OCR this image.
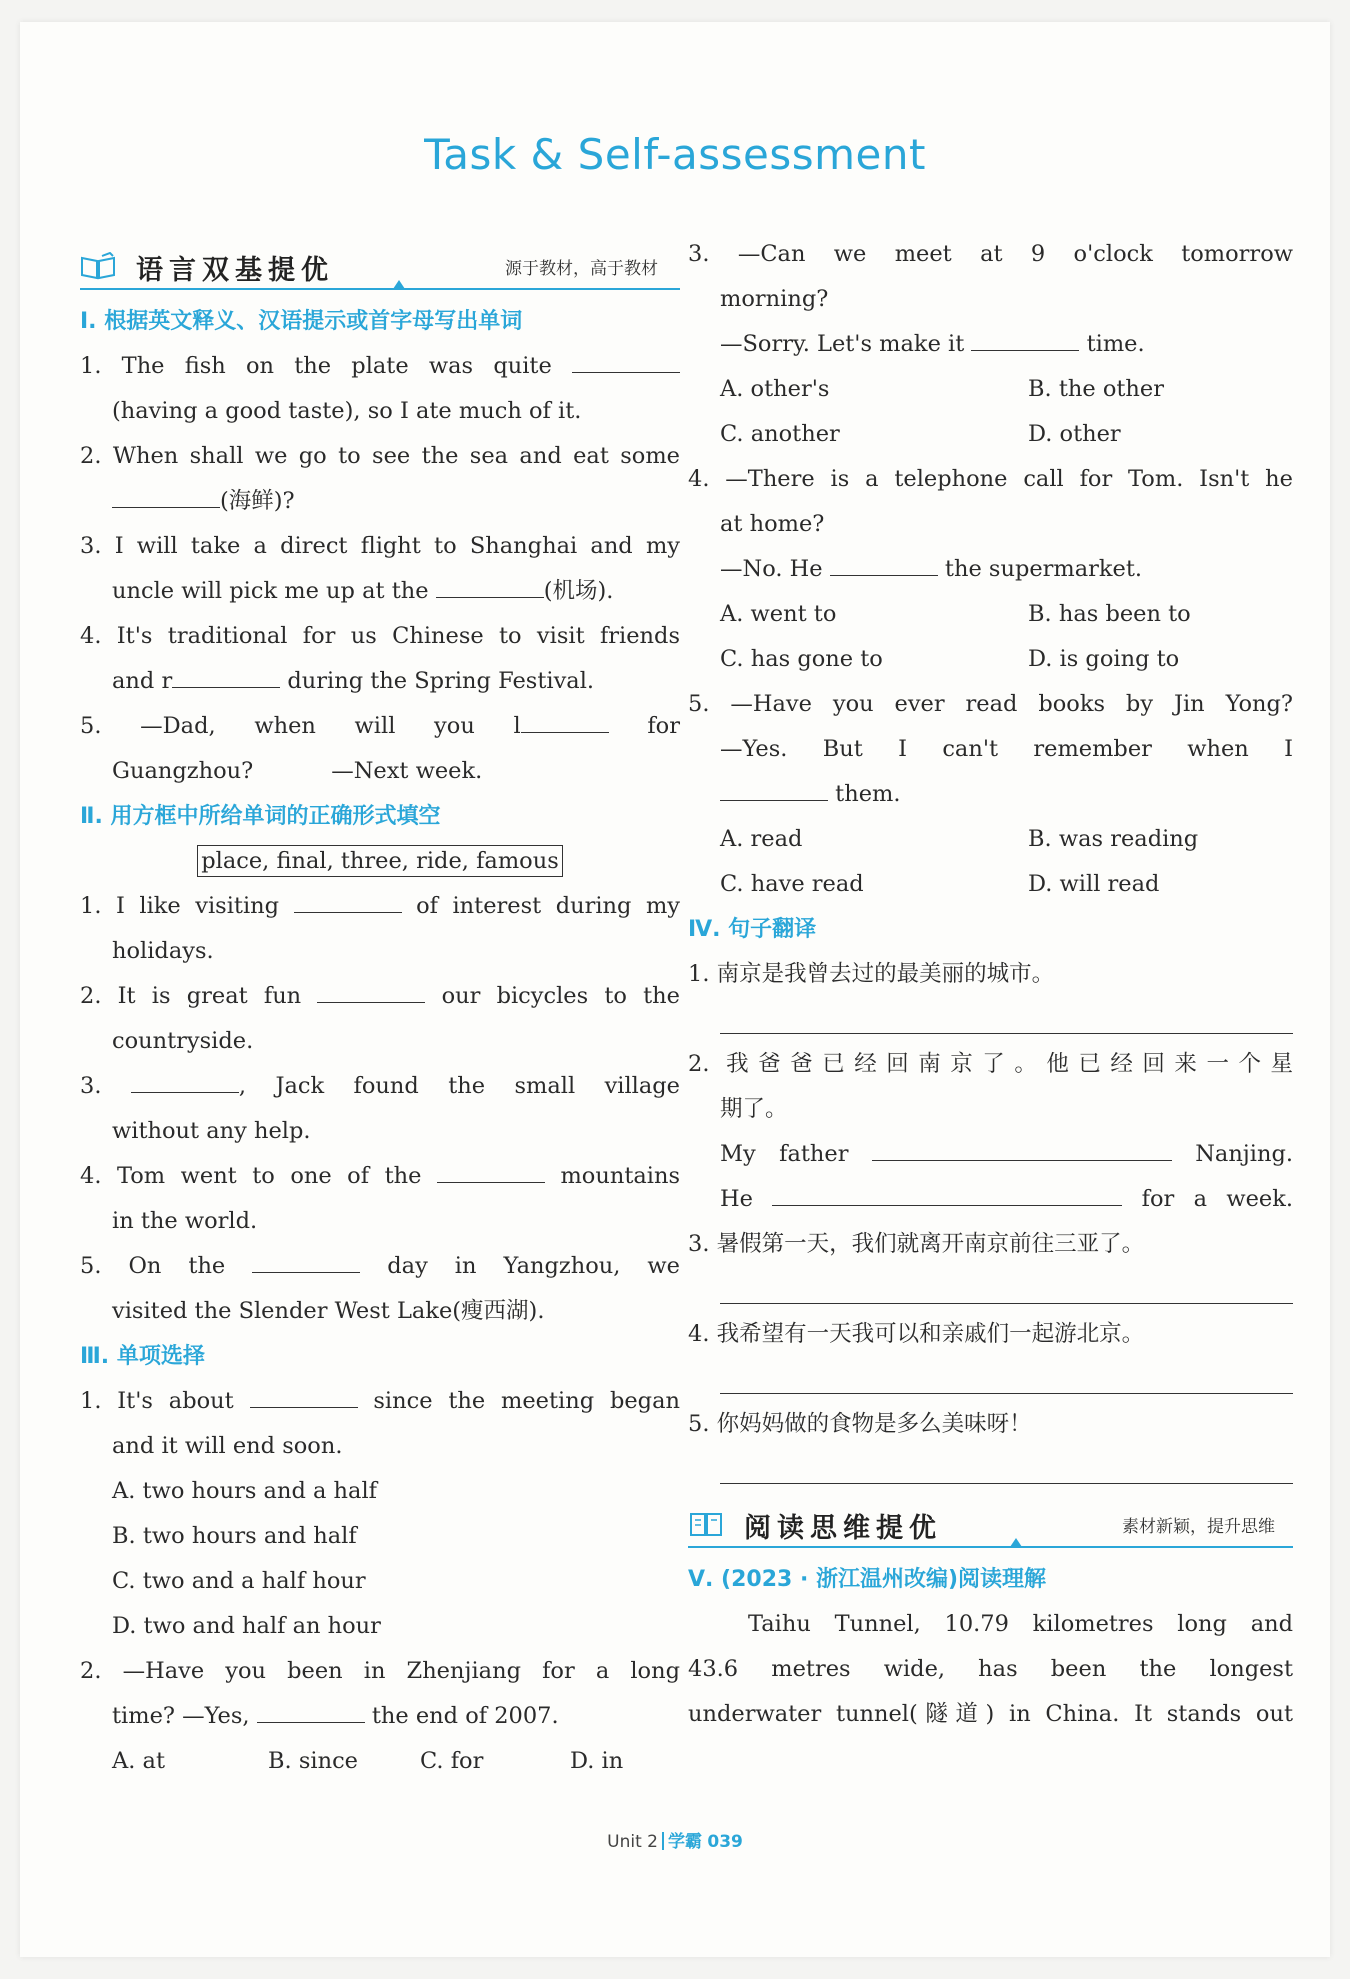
Task & Self-assessment
语言双基提优	源于教材，高于教材
Ⅰ. 根据英文释义、汉语提示或首字母写出单词
1. The fish on the plate was quite
(having a good taste), so I ate much of it.
2. When shall we go to see the sea and eat some
(海鲜)?
3. I will take a direct flight to Shanghai and my
uncle will pick me up at the	(机场).
4. It's traditional for us Chinese to visit friends
and r	during the Spring Festival.
5. —Dad, when will you l	for
Guangzhou?	—Next week.
Ⅱ. 用方框中所给单词的正确形式填空
place, final, three, ride, famous
1. I like visiting	of interest during my
holidays.
2. It is great fun	our bicycles to the
countryside.
3.	, Jack found the small village
without any help.
4. Tom went to one of the	mountains
in the world.
5. On the	day in Yangzhou, we
visited the Slender West Lake(瘦西湖).
Ⅲ. 单项选择
1. It's about	since the meeting began
and it will end soon.
A. two hours and a half
B. two hours and half
C. two and a half hour
D. two and half an hour
2. —Have you been in Zhenjiang for a long
time? —Yes,	the end of 2007.
A. at	B. since	C. for	D. in
3. —Can we meet at 9 o'clock tomorrow
morning?
—Sorry. Let's make it	time.
A. other's	B. the other
C. another	D. other
4. —There is a telephone call for Tom. Isn't he
at home?
—No. He	the supermarket.
A. went to	B. has been to
C. has gone to	D. is going to
5. —Have you ever read books by Jin Yong?
—Yes. But I can't remember when I
them.
A. read	B. was reading
C. have read	D. will read
Ⅳ. 句子翻译
1. 南京是我曾去过的最美丽的城市。
2. 我爸爸已经回南京了。他已经回来一个星
期了。
My father	Nanjing.
He	for a week.
3. 暑假第一天，我们就离开南京前往三亚了。
4. 我希望有一天我可以和亲戚们一起游北京。
5. 你妈妈做的食物是多么美味呀！
阅读思维提优	素材新颖，提升思维
Ⅴ. (2023 · 浙江温州改编)阅读理解
Taihu Tunnel, 10.79 kilometres long and
43.6 metres wide, has been the longest
underwater tunnel(隧道) in China. It stands out
Unit 2 学霸 039
